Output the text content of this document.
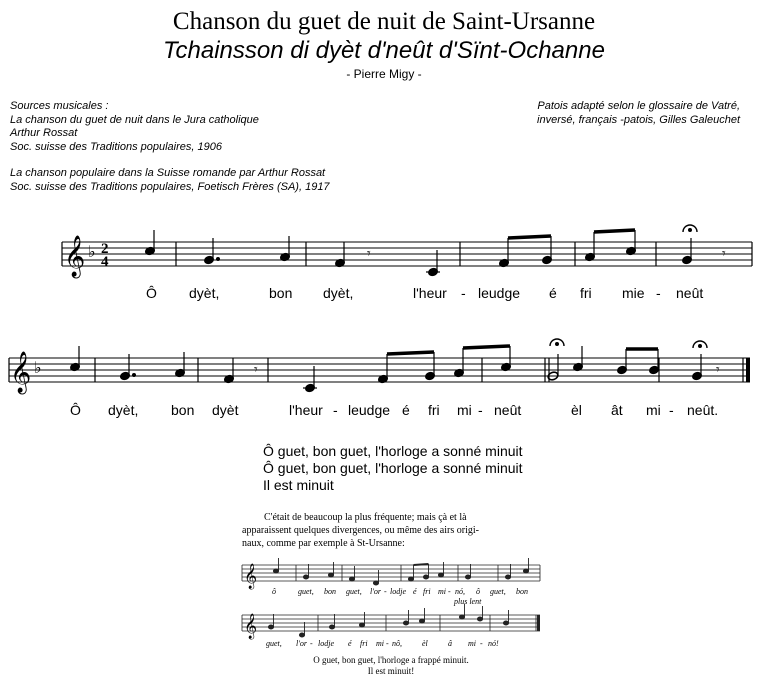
Chanson du guet de nuit de Saint-Ursanne
Tchainsson di dyèt d'neût d'Sïnt-Ochanne
- Pierre Migy -
Sources musicales :
La chanson du guet de nuit dans le Jura catholique
Arthur Rossat
Soc. suisse des Traditions populaires, 1906
La chanson populaire dans la Suisse romande par Arthur Rossat
Soc. suisse des Traditions populaires, Foetisch Frères (SA), 1917
Patois adapté selon le glossaire de Vatré,
inversé, français -patois, Gilles Galeuchet
𝄞 ♭ 2
4	𝄾	𝄾
𝄞 ♭	𝄾	𝄾
Ô dyèt,	bon dyèt,	l'heur - leudge é fri mie - neût
Ô dyèt, bon dyèt	l'heur - leudge é fri mi - neût	èl ât mi - neût.
Ô guet, bon guet, l'horloge a sonné minuit
Ô guet, bon guet, l'horloge a sonné minuit
Il est minuit
C'était de beaucoup la plus fréquente; mais çà et là
apparaissent quelques divergences, ou même des airs origi-
naux, comme par exemple à St-Ursanne:
𝄞
𝄞
ô	guet, bon guet, l'or - lodje é fri mi - nó, ô guet, bon
plus lent
guet, l'or - lodje é fri mi - nô,	èl	â mi - nó!
O guet, bon guet, l'horloge a frappé minuit.
Il est minuit!
